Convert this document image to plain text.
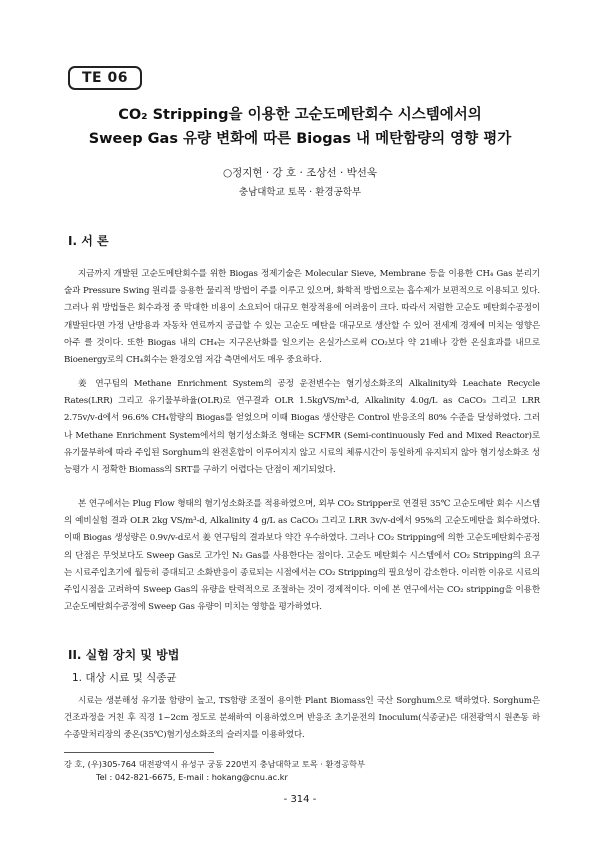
TE 06
CO₂ Stripping을 이용한 고순도메탄회수 시스템에서의
Sweep Gas 유량 변화에 따른 Biogas 내 메탄함량의 영향 평가
○정지현 · 강 호 · 조상선 · 박선욱
충남대학교 토목 · 환경공학부
I. 서 론

지금까지 개발된 고순도메탄회수를 위한 Biogas 정제기술은 Molecular Sieve, Membrane 등을 이용한 CH₄ Gas 분리기술과 Pressure Swing 원리를 응용한 물리적 방법이 주를 이루고 있으며, 화학적 방법으로는 흡수제가 보편적으로 이용되고 있다. 그러나 위 방법들은 회수과정 중 막대한 비용이 소요되어 대규모 현장적용에 어려움이 크다. 따라서 저렴한 고순도 메탄회수공정이 개발된다면 가정 난방용과 자동차 연료까지 공급할 수 있는 고순도 메탄을 대규모로 생산할 수 있어 전세계 경제에 미치는 영향은 아주 클 것이다. 또한 Biogas 내의 CH₄는 지구온난화를 일으키는 온실가스로써 CO₂보다 약 21배나 강한 온실효과를 내므로 Bioenergy로의 CH₄회수는 환경오염 저감 측면에서도 매우 중요하다.

姜 연구팀의 Methane Enrichment System의 공정 운전변수는 혐기성소화조의 Alkalinity와 Leachate Recycle Rates(LRR) 그리고 유기물부하율(OLR)로 연구결과 OLR 1.5kgVS/m³-d, Alkalinity 4.0g/L as CaCO₃ 그리고 LRR 2.75v/v-d에서 96.6% CH₄함량의 Biogas를 얻었으며 이때 Biogas 생산량은 Control 반응조의 80% 수준을 달성하였다. 그러나 Methane Enrichment System에서의 혐기성소화조 형태는 SCFMR (Semi-continuously Fed and Mixed Reactor)로 유기물부하에 따라 주입된 Sorghum의 완전혼합이 이루어지지 않고 시료의 체류시간이 동일하게 유지되지 않아 혐기성소화조 성능평가 시 정확한 Biomass의 SRT를 구하기 어렵다는 단점이 제기되었다.

본 연구에서는 Plug Flow 형태의 혐기성소화조를 적용하였으며, 외부 CO₂ Stripper로 연결된 35℃ 고순도메탄 회수 시스템의 예비실험 결과 OLR 2kg VS/m³-d, Alkalinity 4 g/L as CaCO₃ 그리고 LRR 3v/v-d에서 95%의 고순도메탄을 회수하였다. 이때 Biogas 생성량은 0.9v/v-d로서 姜 연구팀의 결과보다 약간 우수하였다. 그러나 CO₂ Stripping에 의한 고순도메탄회수공정의 단점은 무엇보다도 Sweep Gas로 고가인 N₂ Gas를 사용한다는 점이다. 고순도 메탄회수 시스템에서 CO₂ Stripping의 요구는 시료주입초기에 월등히 증대되고 소화반응이 종료되는 시점에서는 CO₂ Stripping의 필요성이 감소한다. 이러한 이유로 시료의 주입시점을 고려하여 Sweep Gas의 유량을 탄력적으로 조절하는 것이 경제적이다. 이에 본 연구에서는 CO₂ stripping을 이용한 고순도메탄회수공정에 Sweep Gas 유량이 미치는 영향을 평가하였다.

II. 실험 장치 및 방법
1. 대상 시료 및 식종균

시료는 생분해성 유기물 함량이 높고, TS함량 조절이 용이한 Plant Biomass인 국산 Sorghum으로 택하였다. Sorghum은 건조과정을 거친 후 직경 1~2cm 정도로 분쇄하여 이용하였으며 반응조 초기운전의 Inoculum(식종균)은 대전광역시 원촌동 하수종말처리장의 중온(35℃)혐기성소화조의 슬러지를 이용하였다.

강 호, (우)305-764 대전광역시 유성구 궁동 220번지 충남대학교 토목 · 환경공학부
Tel : 042-821-6675, E-mail : hokang@cnu.ac.kr
- 314 -
